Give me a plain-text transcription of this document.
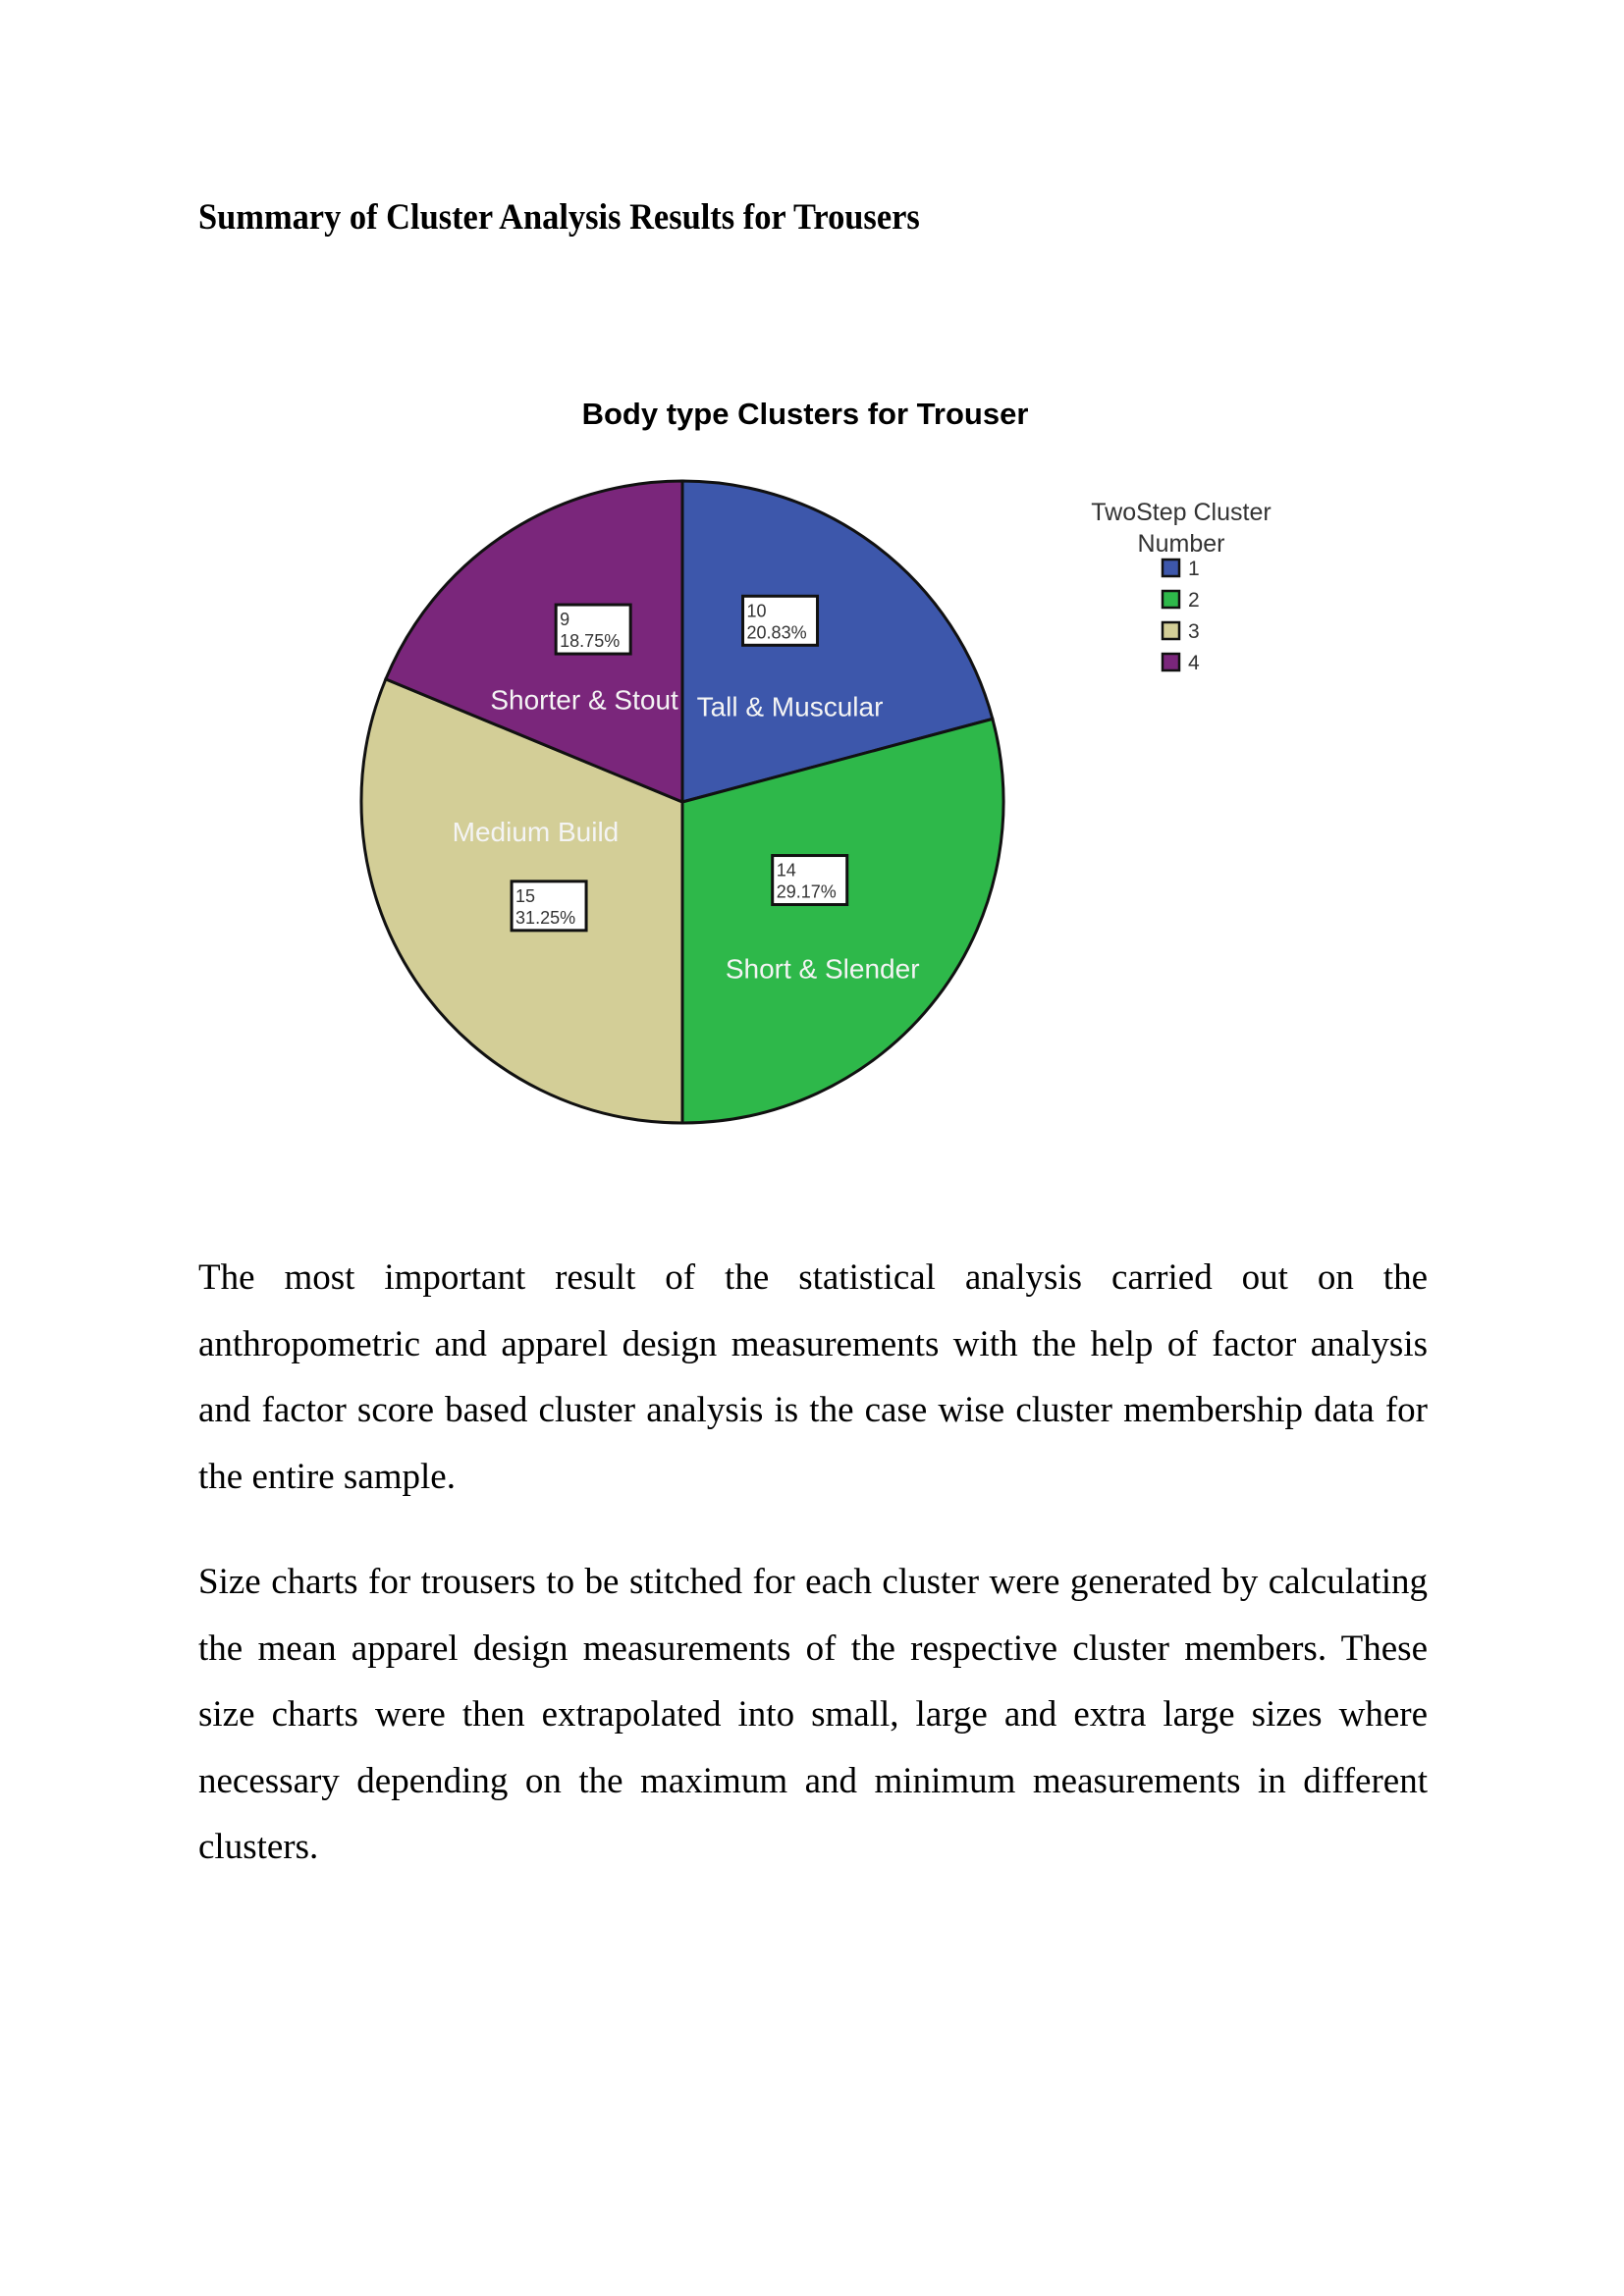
Summary of Cluster Analysis Results for Trousers
Body type Clusters for Trouser
10
20.83%
Tall & Muscular
14
29.17%
Short & Slender
15
31.25%
Medium Build
9
18.75%
Shorter & Stout
TwoStep Cluster
Number
1
2
3
4

The most important result of the statistical analysis carried out on the anthropometric and apparel design measurements with the help of factor analysis and factor score based cluster analysis is the case wise cluster membership data for the entire sample.

Size charts for trousers to be stitched for each cluster were generated by calculating the mean apparel design measurements of the respective cluster members. These size charts were then extrapolated into small, large and extra large sizes where necessary depending on the maximum and minimum measurements in different clusters.
